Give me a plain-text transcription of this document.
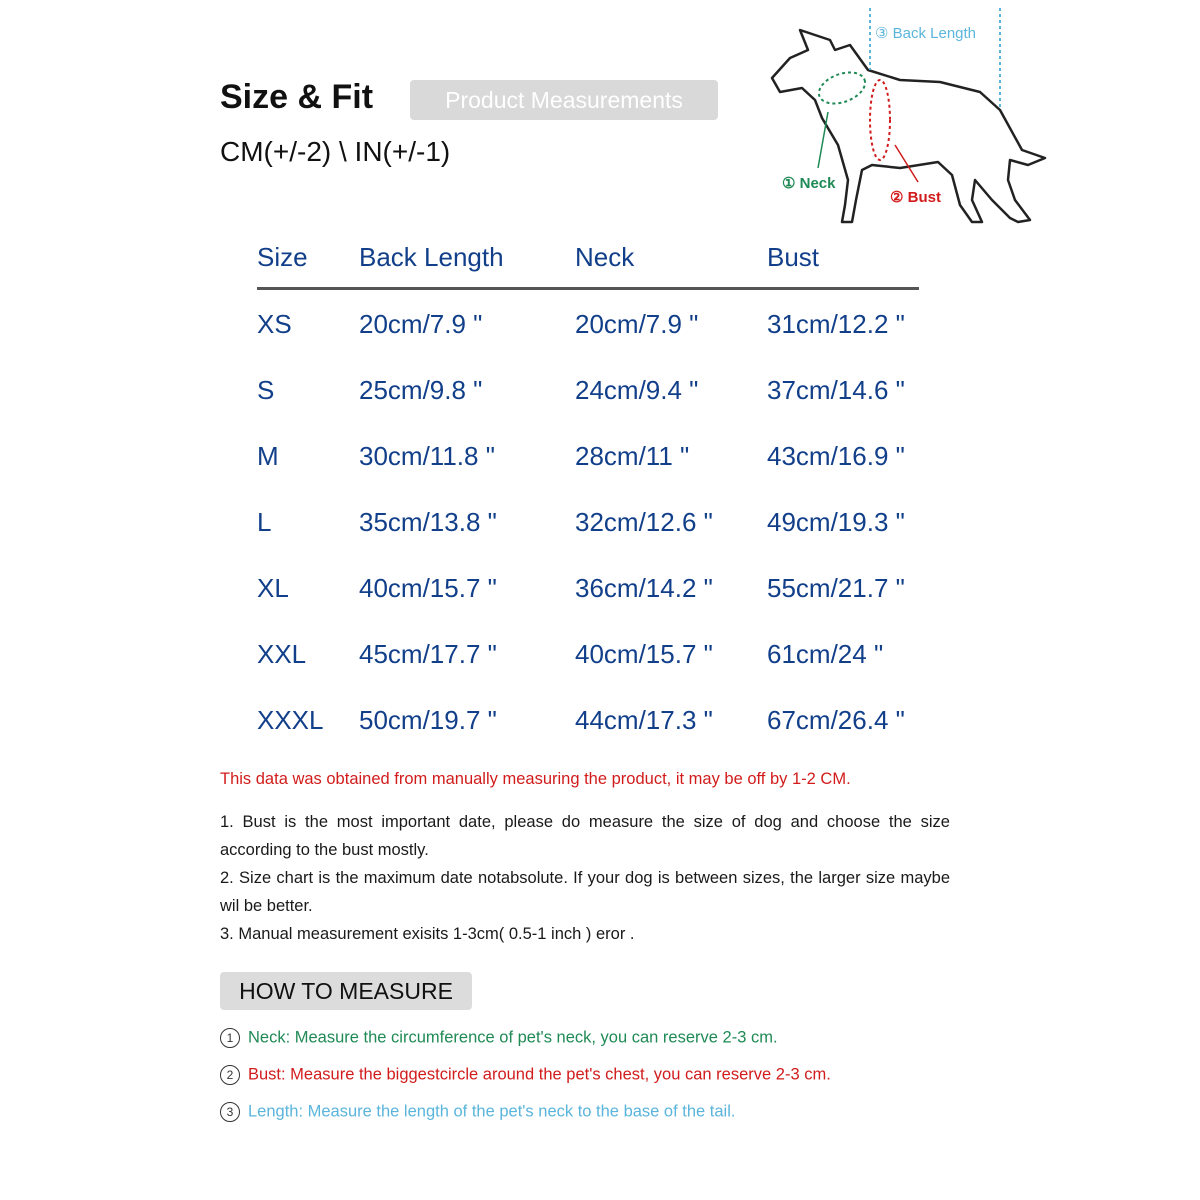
Size & Fit	Product Measurements
CM(+/-2) \ IN(+/-1)
③ Back Length
① Neck
② Bust
Size Back Length	Neck	Bust
XS	20cm/7.9 "	20cm/7.9 "	31cm/12.2 "
S	25cm/9.8 "	24cm/9.4 "	37cm/14.6 "
M	30cm/11.8 "	28cm/11 "	43cm/16.9 "
L	35cm/13.8 "	32cm/12.6 " 49cm/19.3 "
XL	40cm/15.7 "	36cm/14.2 " 55cm/21.7 "
XXL 45cm/17.7 "	40cm/15.7 " 61cm/24 "
XXXL 50cm/19.7 "	44cm/17.3 " 67cm/26.4 "
This data was obtained from manually measuring the product, it may be off by 1-2 CM.

1. Bust is the most important date, please do measure the size of dog and choose the size according to the bust mostly.

2. Size chart is the maximum date notabsolute. If your dog is between sizes, the larger size maybe wil be better.

3. Manual measurement exisits 1-3cm( 0.5-1 inch ) eror .

HOW TO MEASURE
1 Neck: Measure the circumference of pet's neck, you can reserve 2-3 cm.
2 Bust: Measure the biggestcircle around the pet's chest, you can reserve 2-3 cm.
3 Length: Measure the length of the pet's neck to the base of the tail.
